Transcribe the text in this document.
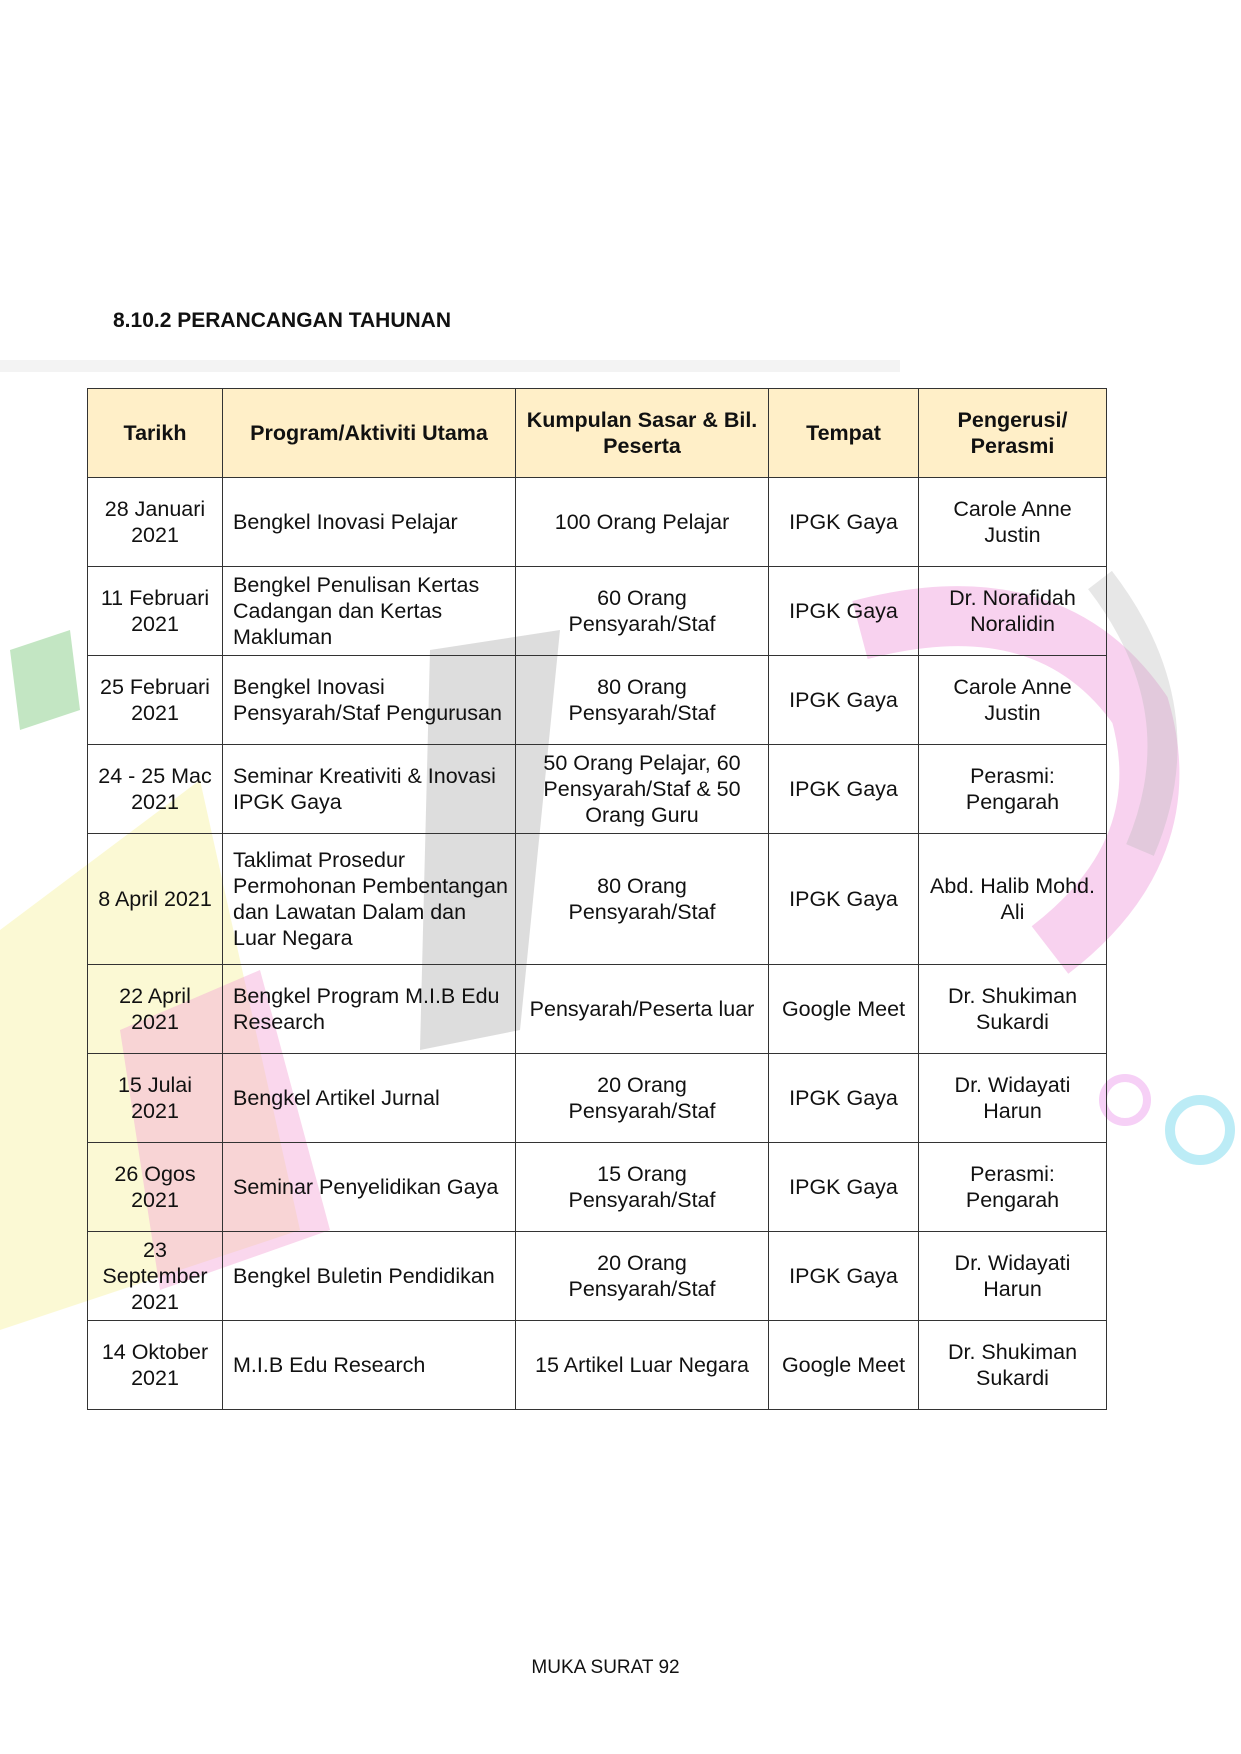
8.10.2 PERANCANGAN TAHUNAN
Tarikh	Program/Aktiviti Utama	Kumpulan Sasar & Bil. Peserta	Tempat	Pengerusi/ Perasmi
28 Januari 2021	Bengkel Inovasi Pelajar	100 Orang Pelajar	IPGK Gaya	Carole Anne Justin
11 Februari 2021	Bengkel Penulisan Kertas Cadangan dan Kertas Makluman	60 Orang Pensyarah/Staf	IPGK Gaya	Dr. Norafidah Noralidin
25 Februari 2021	Bengkel Inovasi Pensyarah/Staf Pengurusan	80 Orang Pensyarah/Staf	IPGK Gaya	Carole Anne Justin
24 - 25 Mac 2021	Seminar Kreativiti & Inovasi IPGK Gaya	50 Orang Pelajar, 60 Pensyarah/Staf & 50 Orang Guru	IPGK Gaya	Perasmi: Pengarah
8 April 2021	Taklimat Prosedur Permohonan Pembentangan dan Lawatan Dalam dan Luar Negara	80 Orang Pensyarah/Staf	IPGK Gaya	Abd. Halib Mohd. Ali
22 April 2021	Bengkel Program M.I.B Edu Research	Pensyarah/Peserta luar	Google Meet	Dr. Shukiman Sukardi
15 Julai 2021	Bengkel Artikel Jurnal	20 Orang Pensyarah/Staf	IPGK Gaya	Dr. Widayati Harun
26 Ogos 2021	Seminar Penyelidikan Gaya	15 Orang Pensyarah/Staf	IPGK Gaya	Perasmi: Pengarah
23 September 2021	Bengkel Buletin Pendidikan	20 Orang Pensyarah/Staf	IPGK Gaya	Dr. Widayati Harun
14 Oktober 2021	M.I.B Edu Research	15 Artikel Luar Negara	Google Meet	Dr. Shukiman Sukardi
MUKA SURAT 92
